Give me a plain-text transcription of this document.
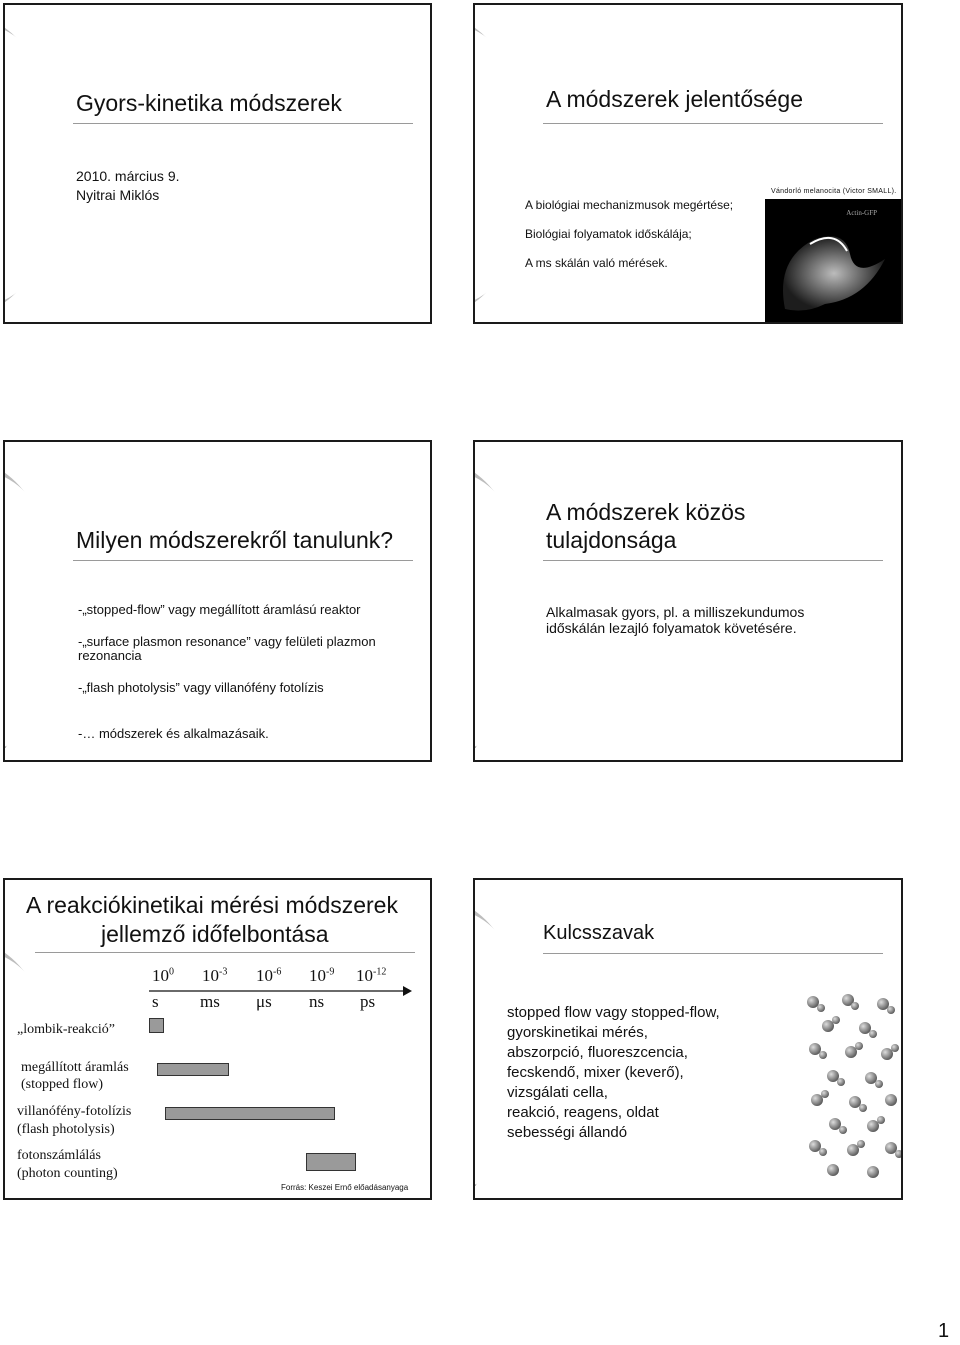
Gyors-kinetika módszerek
2010. március 9.
Nyitrai Miklós
A módszerek jelentősége
A biológiai mechanizmusok megértése;
Biológiai folyamatok időskálája;
A ms skálán való mérések.
Actin-GFP
Vándorló melanocita (Victor SMALL).
Milyen módszerekről tanulunk?
-„stopped-flow” vagy megállított áramlású reaktor
-„surface plasmon resonance” vagy felületi plazmon
rezonancia
-„flash photolysis” vagy villanófény fotolízis
-… módszerek és alkalmazásaik.
A módszerek közös
tulajdonsága
Alkalmasak gyors, pl. a milliszekundumos
időskálán lezajló folyamatok követésére.
A reakciókinetikai mérési módszerek
jellemző időfelbontása
$10^0$ $10^{-3}$ $10^{-6}$ $10^{-9}$ $10^{-12}$
s ms μs ns ps
„lombik-reakció”
megállított áramlás
(stopped flow)
villanófény-fotolízis
(flash photolysis)
fotonszámlálás
(photon counting)
Forrás: Keszei Ernő előadásanyaga
Kulcsszavak
stopped flow vagy stopped-flow,
gyorskinetikai mérés,
abszorpció, fluoreszcencia,
fecskendő, mixer (keverő),
vizsgálati cella,
reakció, reagens, oldat
sebességi állandó
1
